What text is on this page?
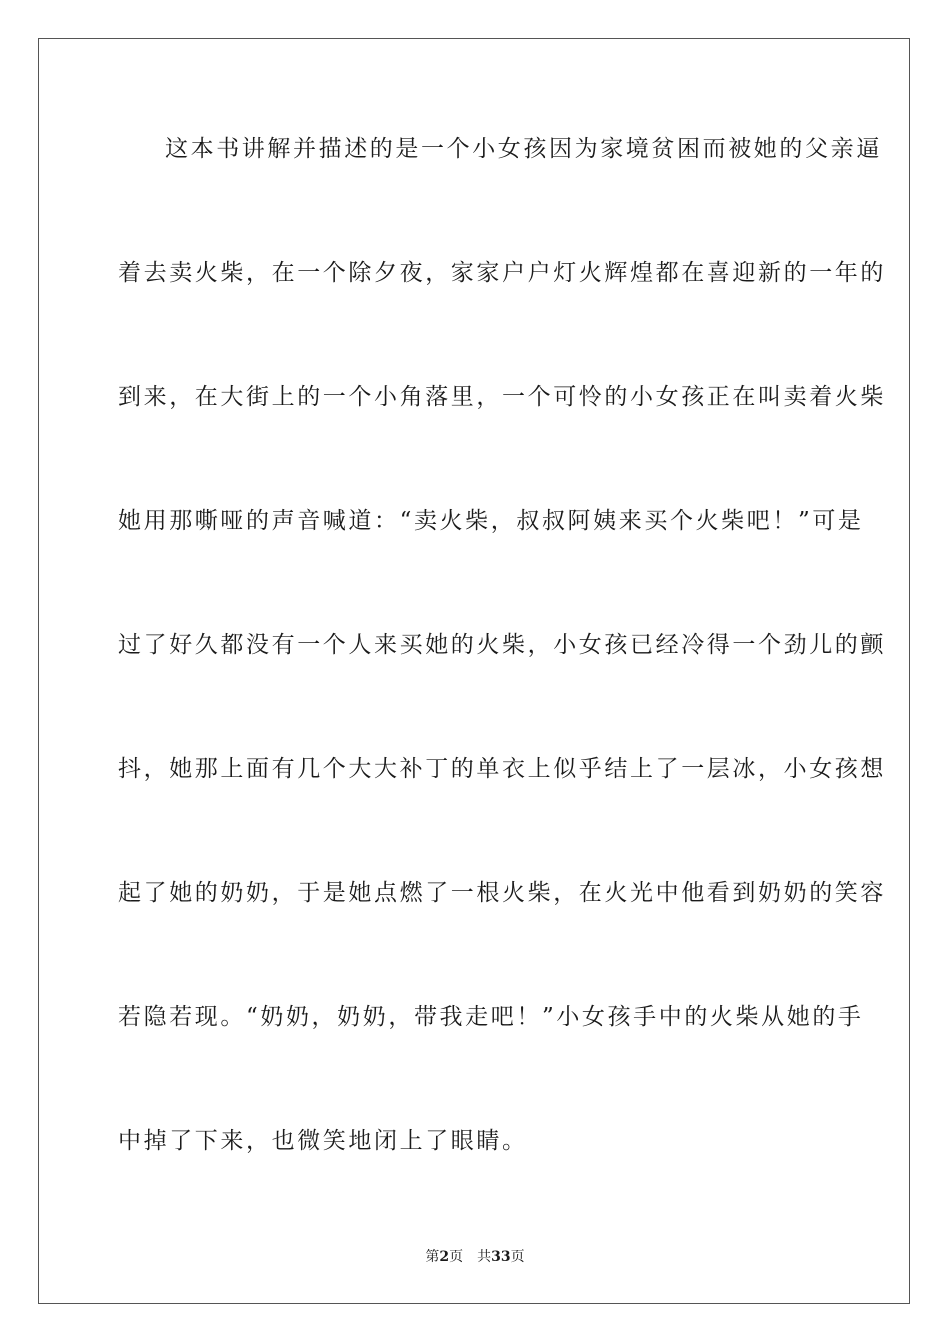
这本书讲解并描述的是一个小女孩因为家境贫困而被她的父亲逼
着去卖火柴，在一个除夕夜，家家户户灯火辉煌都在喜迎新的一年的
到来，在大街上的一个小角落里，一个可怜的小女孩正在叫卖着火柴
她用那嘶哑的声音喊道：“卖火柴，叔叔阿姨来买个火柴吧！”可是
过了好久都没有一个人来买她的火柴，小女孩已经冷得一个劲儿的颤
抖，她那上面有几个大大补丁的单衣上似乎结上了一层冰，小女孩想
起了她的奶奶，于是她点燃了一根火柴，在火光中他看到奶奶的笑容
若隐若现。“奶奶，奶奶，带我走吧！”小女孩手中的火柴从她的手
中掉了下来，也微笑地闭上了眼睛。
第2页 共33页
